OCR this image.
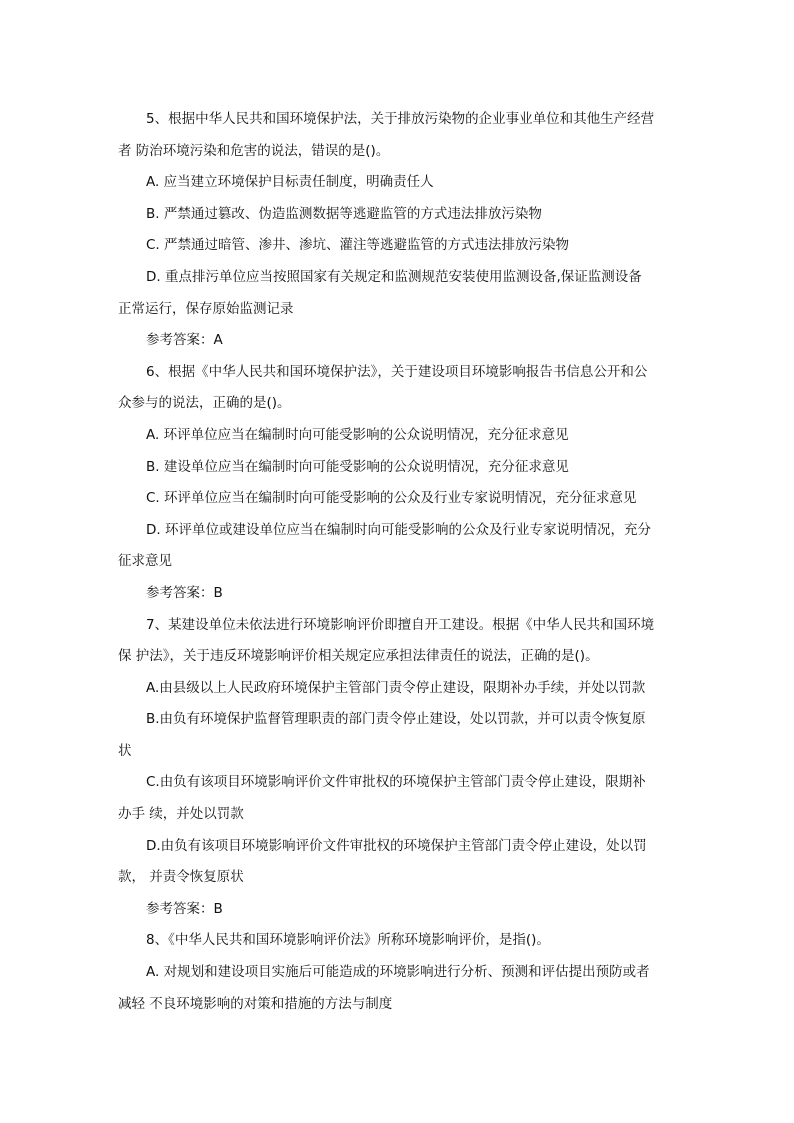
5、根据中华人民共和国环境保护法，关于排放污染物的企业事业单位和其他生产经营
者 防治环境污染和危害的说法，错误的是()。
A. 应当建立环境保护目标责任制度，明确责任人
B. 严禁通过篡改、伪造监测数据等逃避监管的方式违法排放污染物
C. 严禁通过暗管、渗井、渗坑、灌注等逃避监管的方式违法排放污染物
D. 重点排污单位应当按照国家有关规定和监测规范安装使用监测设备,保证监测设备
正常运行，保存原始监测记录
参考答案：A
6、根据《中华人民共和国环境保护法》，关于建设项目环境影响报告书信息公开和公
众参与的说法，正确的是()。
A. 环评单位应当在编制时向可能受影响的公众说明情况，充分征求意见
B. 建设单位应当在编制时向可能受影响的公众说明情况，充分征求意见
C. 环评单位应当在编制时向可能受影响的公众及行业专家说明情况，充分征求意见
D. 环评单位或建设单位应当在编制时向可能受影响的公众及行业专家说明情况，充分
征求意见
参考答案：B
7、某建设单位未依法进行环境影响评价即擅自开工建设。根据《中华人民共和国环境
保 护法》，关于违反环境影响评价相关规定应承担法律责任的说法，正确的是()。
A.由县级以上人民政府环境保护主管部门责令停止建设，限期补办手续，并处以罚款
B.由负有环境保护监督管理职责的部门责令停止建设，处以罚款，并可以责令恢复原
状
C.由负有该项目环境影响评价文件审批权的环境保护主管部门责令停止建设，限期补
办手 续，并处以罚款
D.由负有该项目环境影响评价文件审批权的环境保护主管部门责令停止建设，处以罚
款， 并责令恢复原状
参考答案：B
8、《中华人民共和国环境影响评价法》所称环境影响评价，是指()。
A. 对规划和建设项目实施后可能造成的环境影响进行分析、预测和评估提出预防或者
减轻 不良环境影响的对策和措施的方法与制度
